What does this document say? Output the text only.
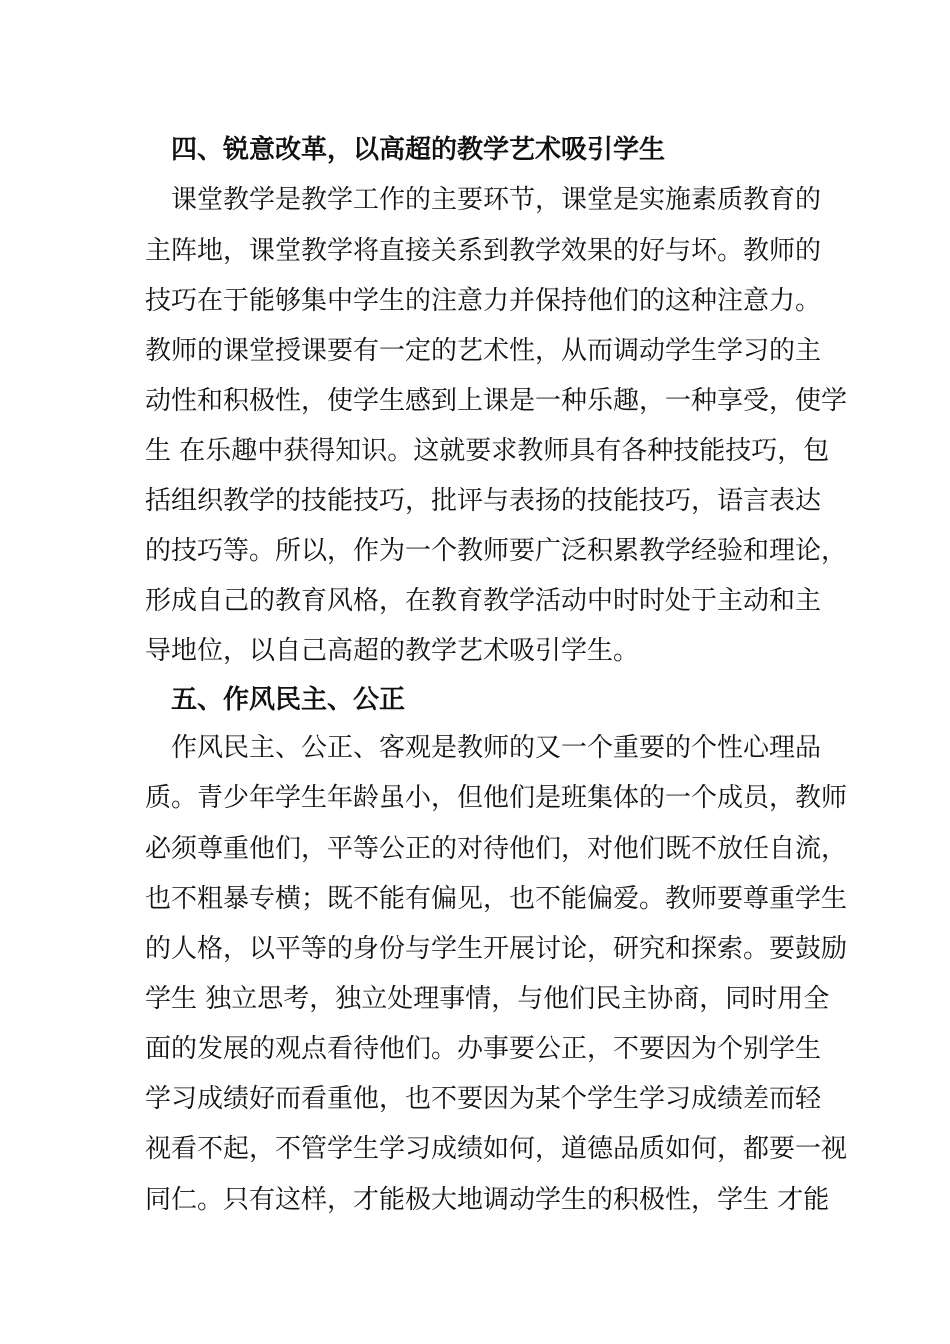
四、锐意改革，以高超的教学艺术吸引学生
课堂教学是教学工作的主要环节，课堂是实施素质教育的
主阵地，课堂教学将直接关系到教学效果的好与坏。教师的
技巧在于能够集中学生的注意力并保持他们的这种注意力。
教师的课堂授课要有一定的艺术性，从而调动学生学习的主
动性和积极性，使学生感到上课是一种乐趣，一种享受，使学
生 在乐趣中获得知识。这就要求教师具有各种技能技巧，包
括组织教学的技能技巧，批评与表扬的技能技巧，语言表达
的技巧等。所以，作为一个教师要广泛积累教学经验和理论，
形成自己的教育风格，在教育教学活动中时时处于主动和主
导地位，以自己高超的教学艺术吸引学生。
五、作风民主、公正
作风民主、公正、客观是教师的又一个重要的个性心理品
质。青少年学生年龄虽小，但他们是班集体的一个成员，教师
必须尊重他们，平等公正的对待他们，对他们既不放任自流，
也不粗暴专横；既不能有偏见，也不能偏爱。教师要尊重学生
的人格，以平等的身份与学生开展讨论，研究和探索。要鼓励
学生 独立思考，独立处理事情，与他们民主协商，同时用全
面的发展的观点看待他们。办事要公正，不要因为个别学生
学习成绩好而看重他，也不要因为某个学生学习成绩差而轻
视看不起，不管学生学习成绩如何，道德品质如何，都要一视
同仁。只有这样，才能极大地调动学生的积极性，学生 才能
